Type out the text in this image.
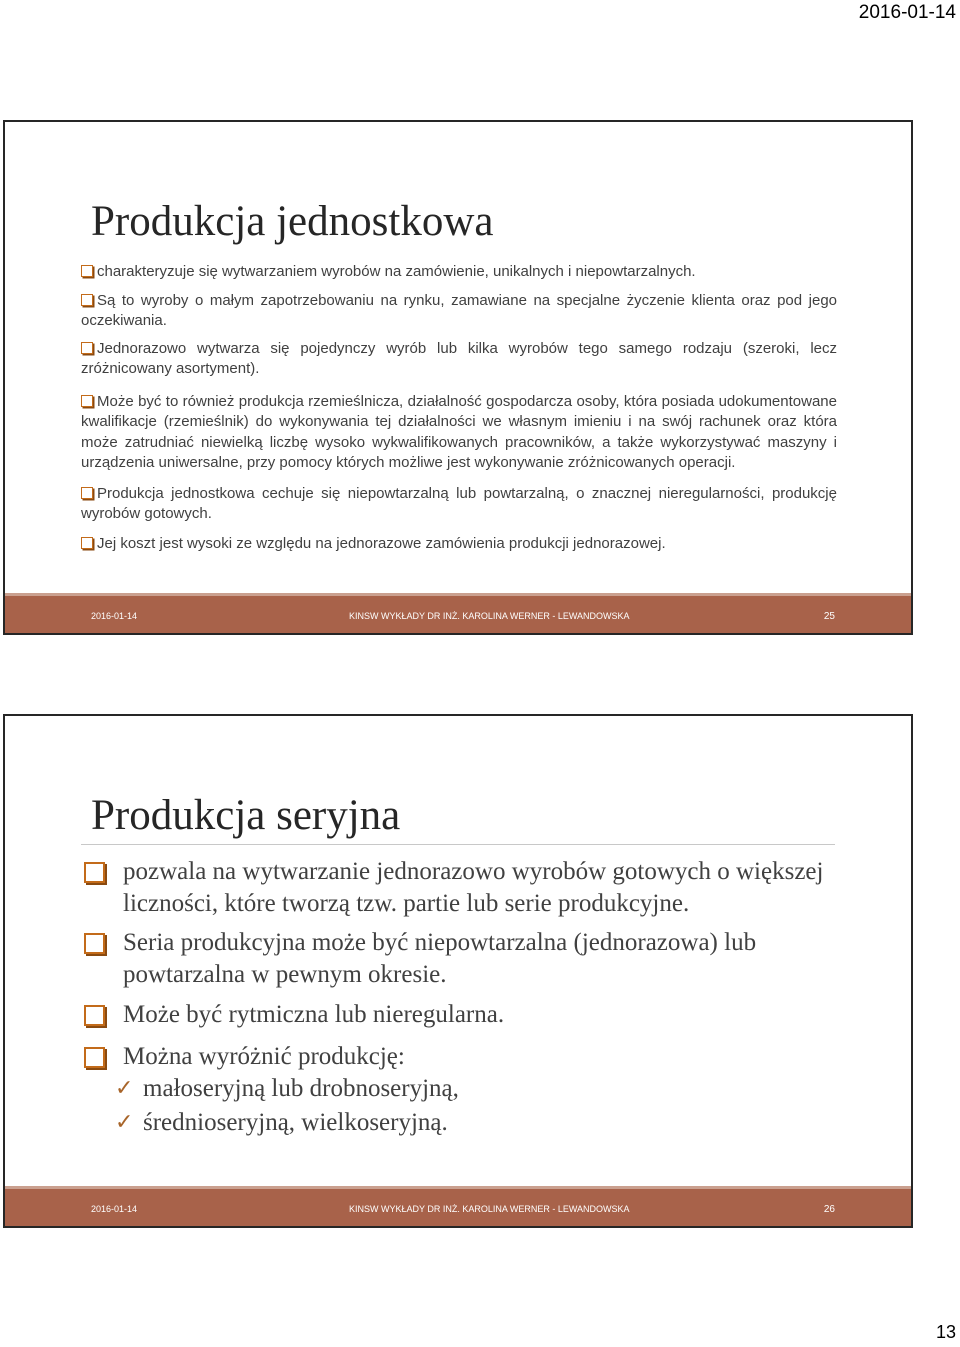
2016-01-14
Produkcja jednostkowa

charakteryzuje się wytwarzaniem wyrobów na zamówienie, unikalnych i niepowtarzalnych.

Są to wyroby o małym zapotrzebowaniu na rynku, zamawiane na specjalne życzenie klienta oraz pod jego oczekiwania.

Jednorazowo wytwarza się pojedynczy wyrób lub kilka wyrobów tego samego rodzaju (szeroki, lecz zróżnicowany asortyment).

Może być to również produkcja rzemieślnicza, działalność gospodarcza osoby, która posiada udokumentowane kwalifikacje (rzemieślnik) do wykonywania tej działalności we własnym imieniu i na swój rachunek oraz która może zatrudniać niewielką liczbę wysoko wykwalifikowanych pracowników, a także wykorzystywać maszyny i urządzenia uniwersalne, przy pomocy których możliwe jest wykonywanie zróżnicowanych operacji.

Produkcja jednostkowa cechuje się niepowtarzalną lub powtarzalną, o znacznej nieregularności, produkcję wyrobów gotowych.

Jej koszt jest wysoki ze względu na jednorazowe zamówienia produkcji jednorazowej.

2016-01-14	KINSW WYKŁADY DR INŻ. KAROLINA WERNER - LEWANDOWSKA	25
Produkcja seryjna

pozwala na wytwarzanie jednorazowo wyrobów gotowych o większej liczności, które tworzą tzw. partie lub serie produkcyjne.

Seria produkcyjna może być niepowtarzalna (jednorazowa) lub powtarzalna w pewnym okresie.

Może być rytmiczna lub nieregularna.

Można wyróżnić produkcję:

✓ małoseryjną lub drobnoseryjną,

✓ średnioseryjną, wielkoseryjną.

2016-01-14	KINSW WYKŁADY DR INŻ. KAROLINA WERNER - LEWANDOWSKA	26
13
